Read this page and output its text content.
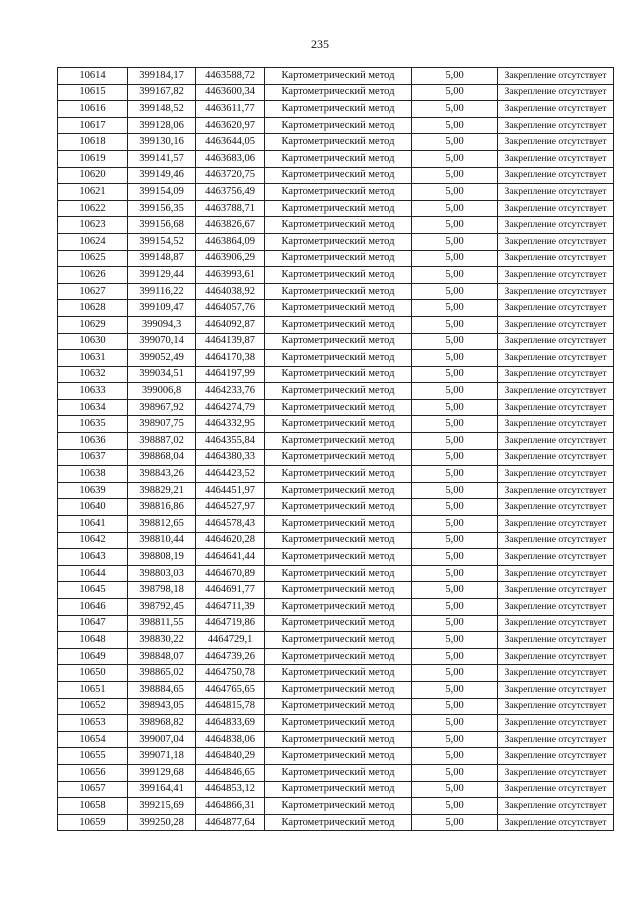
235
10614	399184,17	4463588,72	Картометрический метод	5,00	Закрепление отсутствует
10615	399167,82	4463600,34	Картометрический метод	5,00	Закрепление отсутствует
10616	399148,52	4463611,77	Картометрический метод	5,00	Закрепление отсутствует
10617	399128,06	4463620,97	Картометрический метод	5,00	Закрепление отсутствует
10618	399130,16	4463644,05	Картометрический метод	5,00	Закрепление отсутствует
10619	399141,57	4463683,06	Картометрический метод	5,00	Закрепление отсутствует
10620	399149,46	4463720,75	Картометрический метод	5,00	Закрепление отсутствует
10621	399154,09	4463756,49	Картометрический метод	5,00	Закрепление отсутствует
10622	399156,35	4463788,71	Картометрический метод	5,00	Закрепление отсутствует
10623	399156,68	4463826,67	Картометрический метод	5,00	Закрепление отсутствует
10624	399154,52	4463864,09	Картометрический метод	5,00	Закрепление отсутствует
10625	399148,87	4463906,29	Картометрический метод	5,00	Закрепление отсутствует
10626	399129,44	4463993,61	Картометрический метод	5,00	Закрепление отсутствует
10627	399116,22	4464038,92	Картометрический метод	5,00	Закрепление отсутствует
10628	399109,47	4464057,76	Картометрический метод	5,00	Закрепление отсутствует
10629	399094,3	4464092,87	Картометрический метод	5,00	Закрепление отсутствует
10630	399070,14	4464139,87	Картометрический метод	5,00	Закрепление отсутствует
10631	399052,49	4464170,38	Картометрический метод	5,00	Закрепление отсутствует
10632	399034,51	4464197,99	Картометрический метод	5,00	Закрепление отсутствует
10633	399006,8	4464233,76	Картометрический метод	5,00	Закрепление отсутствует
10634	398967,92	4464274,79	Картометрический метод	5,00	Закрепление отсутствует
10635	398907,75	4464332,95	Картометрический метод	5,00	Закрепление отсутствует
10636	398887,02	4464355,84	Картометрический метод	5,00	Закрепление отсутствует
10637	398868,04	4464380,33	Картометрический метод	5,00	Закрепление отсутствует
10638	398843,26	4464423,52	Картометрический метод	5,00	Закрепление отсутствует
10639	398829,21	4464451,97	Картометрический метод	5,00	Закрепление отсутствует
10640	398816,86	4464527,97	Картометрический метод	5,00	Закрепление отсутствует
10641	398812,65	4464578,43	Картометрический метод	5,00	Закрепление отсутствует
10642	398810,44	4464620,28	Картометрический метод	5,00	Закрепление отсутствует
10643	398808,19	4464641,44	Картометрический метод	5,00	Закрепление отсутствует
10644	398803,03	4464670,89	Картометрический метод	5,00	Закрепление отсутствует
10645	398798,18	4464691,77	Картометрический метод	5,00	Закрепление отсутствует
10646	398792,45	4464711,39	Картометрический метод	5,00	Закрепление отсутствует
10647	398811,55	4464719,86	Картометрический метод	5,00	Закрепление отсутствует
10648	398830,22	4464729,1	Картометрический метод	5,00	Закрепление отсутствует
10649	398848,07	4464739,26	Картометрический метод	5,00	Закрепление отсутствует
10650	398865,02	4464750,78	Картометрический метод	5,00	Закрепление отсутствует
10651	398884,65	4464765,65	Картометрический метод	5,00	Закрепление отсутствует
10652	398943,05	4464815,78	Картометрический метод	5,00	Закрепление отсутствует
10653	398968,82	4464833,69	Картометрический метод	5,00	Закрепление отсутствует
10654	399007,04	4464838,06	Картометрический метод	5,00	Закрепление отсутствует
10655	399071,18	4464840,29	Картометрический метод	5,00	Закрепление отсутствует
10656	399129,68	4464846,65	Картометрический метод	5,00	Закрепление отсутствует
10657	399164,41	4464853,12	Картометрический метод	5,00	Закрепление отсутствует
10658	399215,69	4464866,31	Картометрический метод	5,00	Закрепление отсутствует
10659	399250,28	4464877,64	Картометрический метод	5,00	Закрепление отсутствует
